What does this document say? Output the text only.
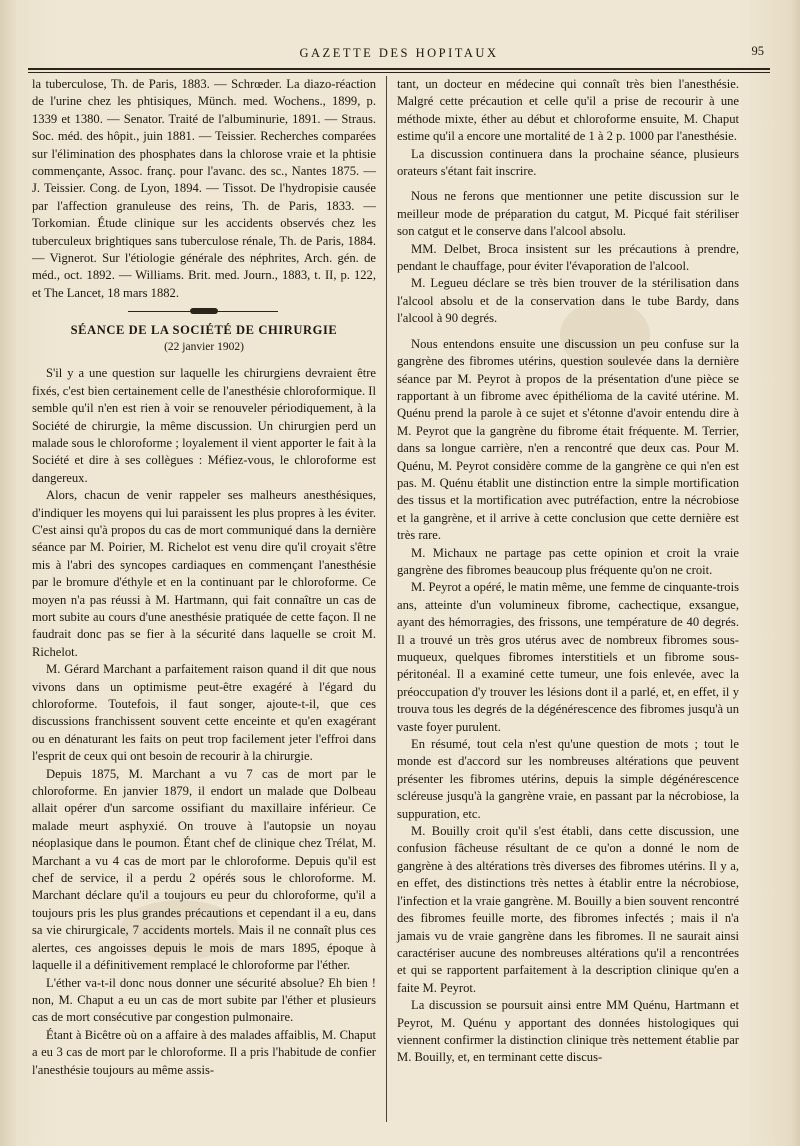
GAZETTE DES HOPITAUX	95

la tuberculose, Th. de Paris, 1883. — Schrœder. La diazo-réaction de l'urine chez les phtisiques, Münch. med. Wochens., 1899, p. 1339 et 1380. — Senator. Traité de l'albuminurie, 1891. — Straus. Soc. méd. des hôpit., juin 1881. — Teissier. Recherches comparées sur l'élimination des phosphates dans la chlorose vraie et la phtisie commençante, Assoc. franç. pour l'avanc. des sc., Nantes 1875. — J. Teissier. Cong. de Lyon, 1894. — Tissot. De l'hydropisie causée par l'affection granuleuse des reins, Th. de Paris, 1833. — Torkomian. Étude clinique sur les accidents observés chez les tuberculeux brightiques sans tuberculose rénale, Th. de Paris, 1884. — Vignerot. Sur l'étiologie générale des néphrites, Arch. gén. de méd., oct. 1892. — Williams. Brit. med. Journ., 1883, t. II, p. 122, et The Lancet, 18 mars 1882.

SÉANCE DE LA SOCIÉTÉ DE CHIRURGIE
(22 janvier 1902)

S'il y a une question sur laquelle les chirurgiens devraient être fixés, c'est bien certainement celle de l'anesthésie chloroformique. Il semble qu'il n'en est rien à voir se renouveler périodiquement, à la Société de chirurgie, la même discussion. Un chirurgien perd un malade sous le chloroforme ; loyalement il vient apporter le fait à la Société et dire à ses collègues : Méfiez-vous, le chloroforme est dangereux.

Alors, chacun de venir rappeler ses malheurs anesthésiques, d'indiquer les moyens qui lui paraissent les plus propres à les éviter. C'est ainsi qu'à propos du cas de mort communiqué dans la dernière séance par M. Poirier, M. Richelot est venu dire qu'il croyait s'être mis à l'abri des syncopes cardiaques en commençant l'anesthésie par le bromure d'éthyle et en la continuant par le chloroforme. Ce moyen n'a pas réussi à M. Hartmann, qui fait connaître un cas de mort subite au cours d'une anesthésie pratiquée de cette façon. Il ne faudrait donc pas se fier à la sécurité dans laquelle se croit M. Richelot.

M. Gérard Marchant a parfaitement raison quand il dit que nous vivons dans un optimisme peut-être exagéré à l'égard du chloroforme. Toutefois, il faut songer, ajoute-t-il, que ces discussions franchissent souvent cette enceinte et qu'en exagérant ou en dénaturant les faits on peut trop facilement jeter l'effroi dans l'esprit de ceux qui ont besoin de recourir à la chirurgie.

Depuis 1875, M. Marchant a vu 7 cas de mort par le chloroforme. En janvier 1879, il endort un malade que Dolbeau allait opérer d'un sarcome ossifiant du maxillaire inférieur. Ce malade meurt asphyxié. On trouve à l'autopsie un noyau néoplasique dans le poumon. Étant chef de clinique chez Trélat, M. Marchant a vu 4 cas de mort par le chloroforme. Depuis qu'il est chef de service, il a perdu 2 opérés sous le chloroforme. M. Marchant déclare qu'il a toujours eu peur du chloroforme, qu'il a toujours pris les plus grandes précautions et cependant il a eu, dans sa vie chirurgicale, 7 accidents mortels. Mais il ne connaît plus ces alertes, ces angoisses depuis le mois de mars 1895, époque à laquelle il a définitivement remplacé le chloroforme par l'éther.

L'éther va-t-il donc nous donner une sécurité absolue? Eh bien ! non, M. Chaput a eu un cas de mort subite par l'éther et plusieurs cas de mort consécutive par congestion pulmonaire.

Étant à Bicêtre où on a affaire à des malades affaiblis, M. Chaput a eu 3 cas de mort par le chloroforme. Il a pris l'habitude de confier l'anesthésie toujours au même assis-

tant, un docteur en médecine qui connaît très bien l'anesthésie. Malgré cette précaution et celle qu'il a prise de recourir à une méthode mixte, éther au début et chloroforme ensuite, M. Chaput estime qu'il a encore une mortalité de 1 à 2 p. 1000 par l'anesthésie.

La discussion continuera dans la prochaine séance, plusieurs orateurs s'étant fait inscrire.

Nous ne ferons que mentionner une petite discussion sur le meilleur mode de préparation du catgut, M. Picqué fait stériliser son catgut et le conserve dans l'alcool absolu.

MM. Delbet, Broca insistent sur les précautions à prendre, pendant le chauffage, pour éviter l'évaporation de l'alcool.

M. Legueu déclare se très bien trouver de la stérilisation dans l'alcool absolu et de la conservation dans le tube Bardy, dans l'alcool à 90 degrés.

Nous entendons ensuite une discussion un peu confuse sur la gangrène des fibromes utérins, question soulevée dans la dernière séance par M. Peyrot à propos de la présentation d'une pièce se rapportant à un fibrome avec épithélioma de la cavité utérine. M. Quénu prend la parole à ce sujet et s'étonne d'avoir entendu dire à M. Peyrot que la gangrène du fibrome était fréquente. M. Terrier, dans sa longue carrière, n'en a rencontré que deux cas. Pour M. Quénu, M. Peyrot considère comme de la gangrène ce qui n'en est pas. M. Quénu établit une distinction entre la simple mortification des tissus et la mortification avec putréfaction, entre la nécrobiose et la gangrène, et il arrive à cette conclusion que cette dernière est très rare.

M. Michaux ne partage pas cette opinion et croit la vraie gangrène des fibromes beaucoup plus fréquente qu'on ne croit.

M. Peyrot a opéré, le matin même, une femme de cinquante-trois ans, atteinte d'un volumineux fibrome, cachectique, exsangue, ayant des hémorragies, des frissons, une température de 40 degrés. Il a trouvé un très gros utérus avec de nombreux fibromes sous-muqueux, quelques fibromes interstitiels et un fibrome sous-péritonéal. Il a examiné cette tumeur, une fois enlevée, avec la préoccupation d'y trouver les lésions dont il a parlé, et, en effet, il y trouva tous les degrés de la dégénérescence des fibromes jusqu'à un vaste foyer purulent.

En résumé, tout cela n'est qu'une question de mots ; tout le monde est d'accord sur les nombreuses altérations que peuvent présenter les fibromes utérins, depuis la simple dégénérescence scléreuse jusqu'à la gangrène vraie, en passant par la nécrobiose, la suppuration, etc.

M. Bouilly croit qu'il s'est établi, dans cette discussion, une confusion fâcheuse résultant de ce qu'on a donné le nom de gangrène à des altérations très diverses des fibromes utérins. Il y a, en effet, des distinctions très nettes à établir entre la nécrobiose, l'infection et la vraie gangrène. M. Bouilly a bien souvent rencontré des fibromes feuille morte, des fibromes infectés ; mais il n'a jamais vu de vraie gangrène dans les fibromes. Il ne saurait ainsi caractériser aucune des nombreuses altérations qu'il a rencontrées et qui se rapportent parfaitement à la description clinique qu'en a faite M. Peyrot.

La discussion se poursuit ainsi entre MM Quénu, Hartmann et Peyrot, M. Quénu y apportant des données histologiques qui viennent confirmer la distinction clinique très nettement établie par M. Bouilly, et, en terminant cette discus-
